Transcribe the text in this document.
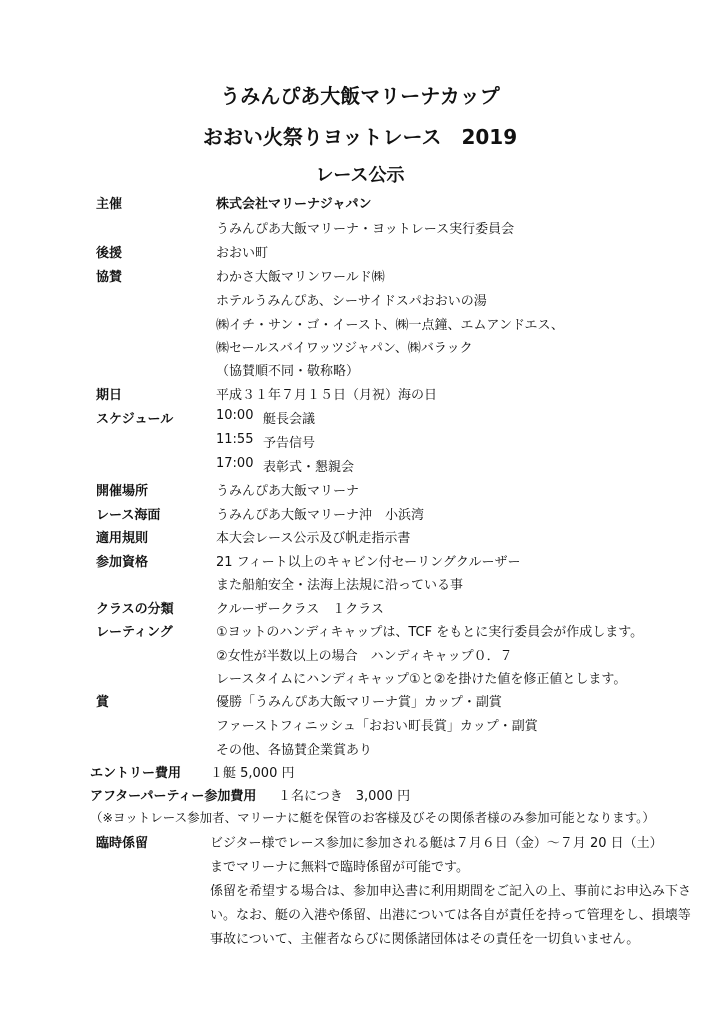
うみんぴあ大飯マリーナカップ
おおい火祭りヨットレース　2019
レース公示
主催	株式会社マリーナジャパン
うみんぴあ大飯マリーナ・ヨットレース実行委員会
後援	おおい町
協賛	わかさ大飯マリンワールド㈱
ホテルうみんぴあ、シーサイドスパおおいの湯
㈱イチ・サン・ゴ・イースト、㈱一点鐘、エムアンドエス、
㈱セールスバイワッツジャパン、㈱バラック
（協賛順不同・敬称略）
期日	平成３１年７月１５日（月祝）海の日
スケジュール	10:00 艇長会議
11:55 予告信号
17:00 表彰式・懇親会
開催場所	うみんぴあ大飯マリーナ
レース海面	うみんぴあ大飯マリーナ沖　小浜湾
適用規則	本大会レース公示及び帆走指示書
参加資格	21 フィート以上のキャビン付セーリングクルーザー
また船舶安全・法海上法規に沿っている事
クラスの分類	クルーザークラス　１クラス
レーティング	①ヨットのハンディキャップは、TCF をもとに実行委員会が作成します。
②女性が半数以上の場合　ハンディキャップ０．７
レースタイムにハンディキャップ①と②を掛けた値を修正値とします。
賞	優勝「うみんぴあ大飯マリーナ賞」カップ・副賞
ファーストフィニッシュ「おおい町長賞」カップ・副賞
その他、各協賛企業賞あり
エントリー費用 １艇 5,000 円
アフターパーティー参加費用 １名につき　3,000 円
（※ヨットレース参加者、マリーナに艇を保管のお客様及びその関係者様のみ参加可能となります。）
臨時係留	ビジター様でレース参加に参加される艇は７月６日（金）～７月 20 日（土）
までマリーナに無料で臨時係留が可能です。
係留を希望する場合は、参加申込書に利用期間をご記入の上、事前にお申込み下さ
い。なお、艇の入港や係留、出港については各自が責任を持って管理をし、損壊等
事故について、主催者ならびに関係諸団体はその責任を一切負いません。
